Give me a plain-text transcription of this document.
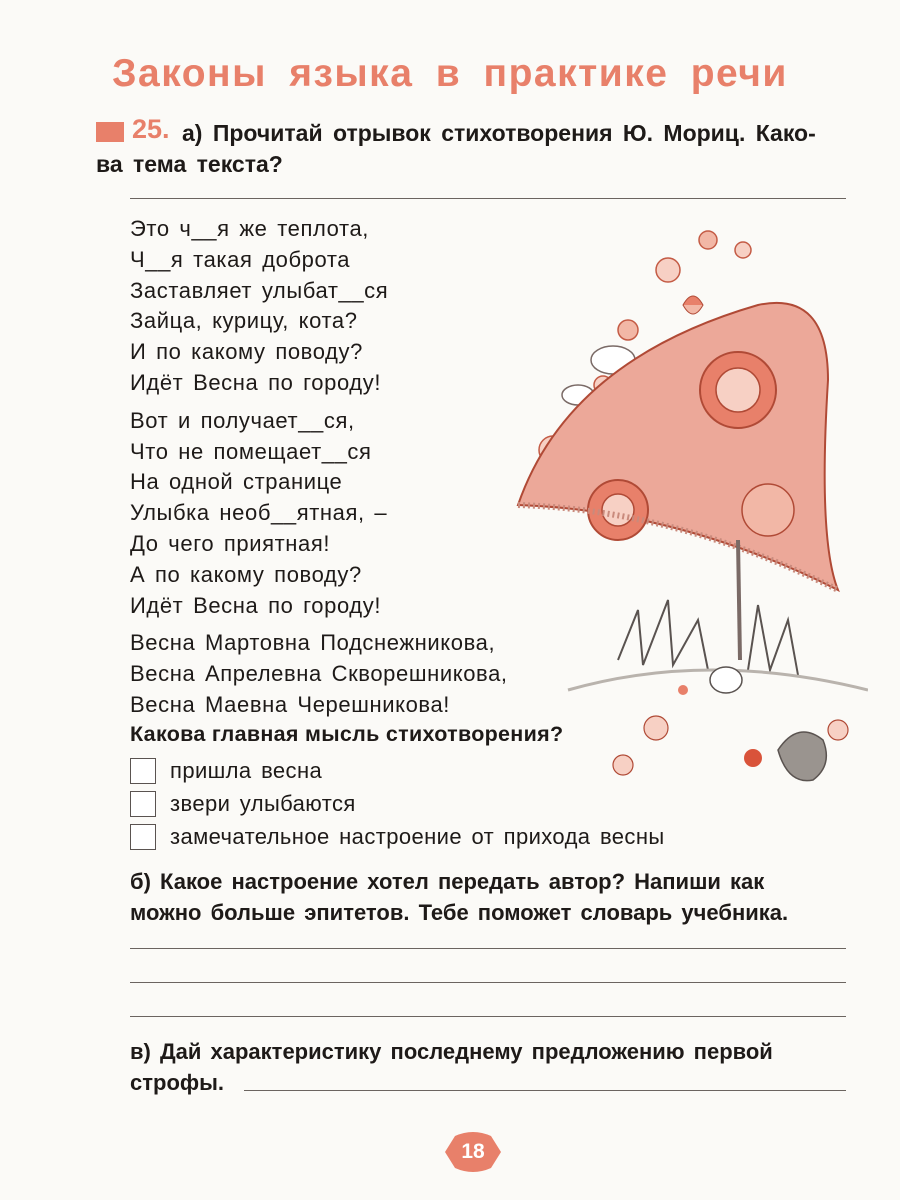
Законы языка в практике речи
25. а) Прочитай отрывок стихотворения Ю. Мориц. Како-
ва тема текста?
Это ч__я же теплота,
Ч__я такая доброта
Заставляет улыбат__ся
Зайца, курицу, кота?
И по какому поводу?
Идёт Весна по городу!
Вот и получает__ся,
Что не помещает__ся
На одной странице
Улыбка необ__ятная, –
До чего приятная!
А по какому поводу?
Идёт Весна по городу!
Весна Мартовна Подснежникова,
Весна Апрелевна Скворешникова,
Весна Маевна Черешникова!
Какова главная мысль стихотворения?
пришла весна
звери улыбаются
замечательное настроение от прихода весны
б) Какое настроение хотел передать автор? Напиши как
можно больше эпитетов. Тебе поможет словарь учебника.
в) Дай характеристику последнему предложению первой
строфы.
18
